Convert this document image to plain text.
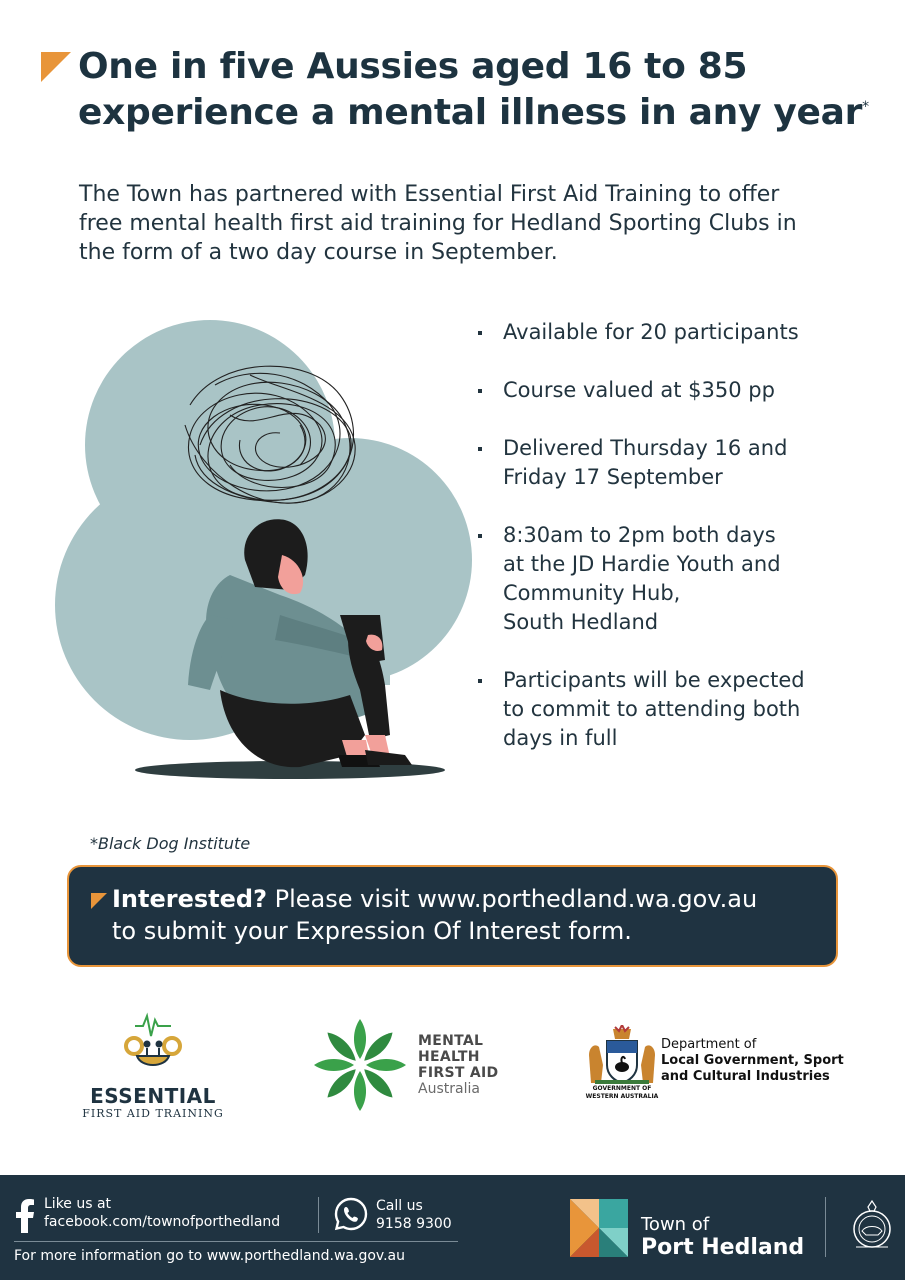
One in five Aussies aged 16 to 85
experience a mental illness in any year*

The Town has partnered with Essential First Aid Training to offer
free mental health first aid training for Hedland Sporting Clubs in
the form of a two day course in September.

Available for 20 participants
Course valued at $350 pp
Delivered Thursday 16 and
Friday 17 September
8:30am to 2pm both days
at the JD Hardie Youth and
Community Hub,
South Hedland
Participants will be expected
to commit to attending both
days in full
*Black Dog Institute

Interested? Please visit www.porthedland.wa.gov.au
to submit your Expression Of Interest form.

ESSENTIAL
FIRST AID TRAINING
MENTAL
HEALTH
FIRST AID
Australia	GOVERNMENT OF
WESTERN AUSTRALIA
Department of
Local Government, Sport
and Cultural Industries
Like us at
facebook.com/townofporthedland
Call us
9158 9300
For more information go to www.porthedland.wa.gov.au
Town of
Port Hedland
